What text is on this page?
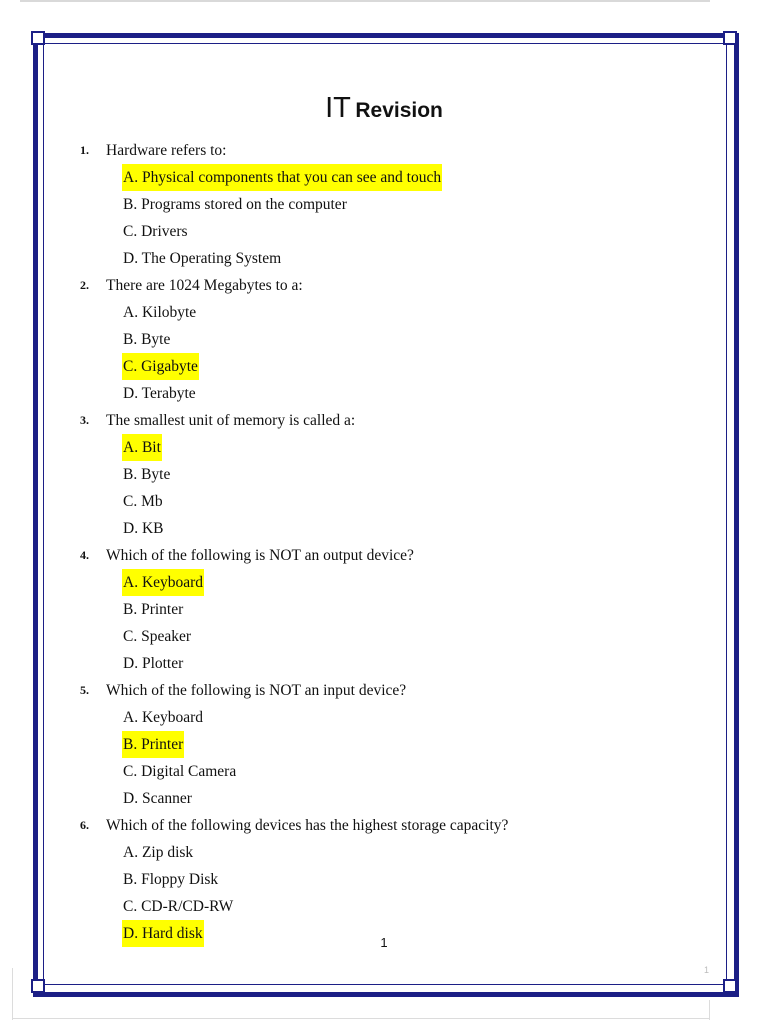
IT Revision
1.	Hardware refers to:
A. Physical components that you can see and touch
B. Programs stored on the computer
C. Drivers
D. The Operating System
2.	There are 1024 Megabytes to a:
A. Kilobyte
B. Byte
C. Gigabyte
D. Terabyte
3.	The smallest unit of memory is called a:
A. Bit
B. Byte
C. Mb
D. KB
4.	Which of the following is NOT an output device?
A. Keyboard
B. Printer
C. Speaker
D. Plotter
5.	Which of the following is NOT an input device?
A. Keyboard
B. Printer
C. Digital Camera
D. Scanner
6.	Which of the following devices has the highest storage capacity?
A. Zip disk
B. Floppy Disk
C. CD-R/CD-RW
D. Hard disk
1
1
